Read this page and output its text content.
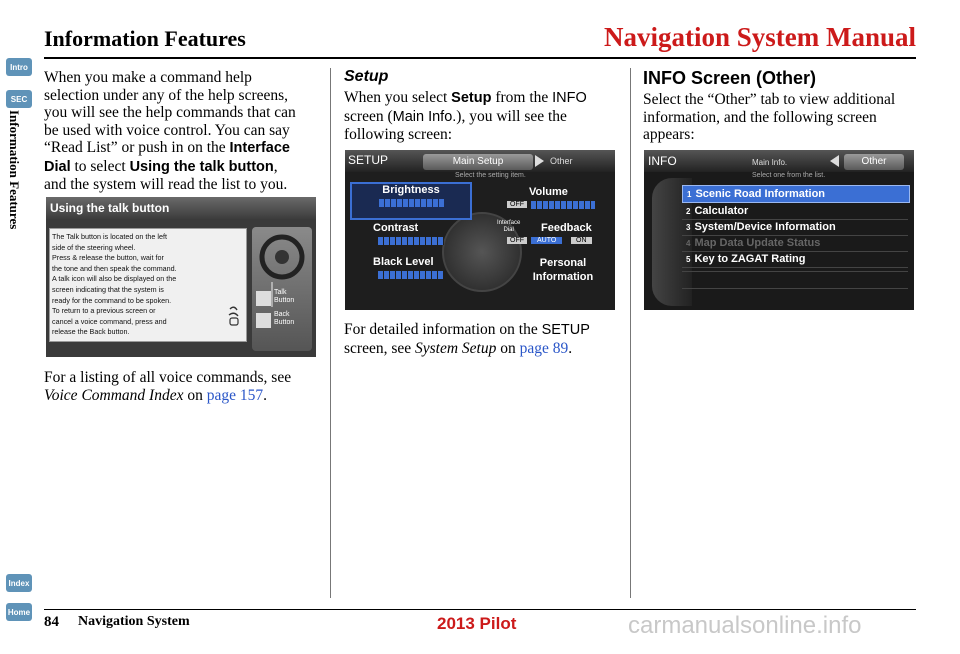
Information Features	Navigation System Manual
Intro
SEC
Information Features
Index
Home
When you make a command help
selection under any of the help screens,
you will see the help commands that can
be used with voice control. You can say
“Read List” or push in on the Interface
Dial to select Using the talk button,
and the system will read the list to you.
Using the talk button
The Talk button is located on the left
side of the steering wheel.
Press & release the button, wait for
the tone and then speak the command.
A talk icon will also be displayed on the
screen indicating that the system is
ready for the command to be spoken.
To return to a previous screen or
cancel a voice command, press and
release the Back button.
Talk
Button
Back
Button
For a listing of all voice commands, see
Voice Command Index on page 157.
Setup
When you select Setup from the INFO
screen (Main Info.), you will see the
following screen:
SETUP	Main Setup	Other
Select the setting item.
Interface
Dial
Brightness
Contrast
Black Level
Volume
OFF
Feedback
OFF	AUTO	ON
Personal
Information
For detailed information on the SETUP
screen, see System Setup on page 89.
INFO Screen (Other)
Select the “Other” tab to view additional
information, and the following screen
appears:
INFO	Main Info.	Other
Select one from the list.
1 Scenic Road Information
2 Calculator
3 System/Device Information
4 Map Data Update Status
5 Key to ZAGAT Rating
84 Navigation System	2013 Pilot	carmanualsonline.info
